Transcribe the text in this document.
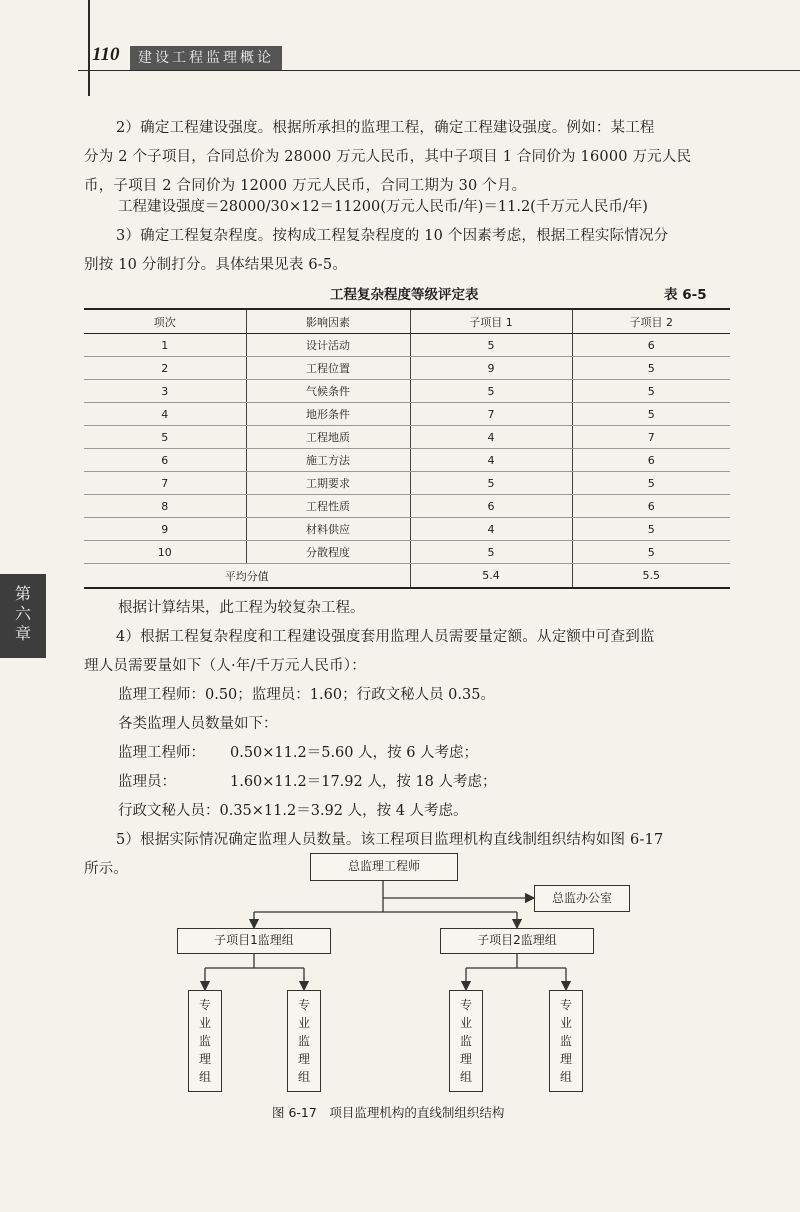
110	建设工程监理概论
2）确定工程建设强度。根据所承担的监理工程，确定工程建设强度。例如：某工程
分为 2 个子项目，合同总价为 28000 万元人民币，其中子项目 1 合同价为 16000 万元人民
币，子项目 2 合同价为 12000 万元人民币，合同工期为 30 个月。
工程建设强度＝28000/30×12＝11200(万元人民币/年)＝11.2(千万元人民币/年)
3）确定工程复杂程度。按构成工程复杂程度的 10 个因素考虑，根据工程实际情况分
别按 10 分制打分。具体结果见表 6-5。
工程复杂程度等级评定表	表 6-5
项次	影响因素	子项目 1	子项目 2
1	设计活动	5	6
2	工程位置	9	5
3	气候条件	5	5
4	地形条件	7	5
5	工程地质	4	7
6	施工方法	4	6
7	工期要求	5	5
8	工程性质	6	6
9	材料供应	4	5
10	分散程度	5	5
平均分值		5.4	5.5
第
六
章
根据计算结果，此工程为较复杂工程。
4）根据工程复杂程度和工程建设强度套用监理人员需要量定额。从定额中可查到监
理人员需要量如下（人·年/千万元人民币）：
监理工程师：0.50；监理员：1.60；行政文秘人员 0.35。
各类监理人员数量如下：
监理工程师： 0.50×11.2＝5.60 人，按 6 人考虑；
监理员：	1.60×11.2＝17.92 人，按 18 人考虑；
行政文秘人员：0.35×11.2＝3.92 人，按 4 人考虑。
5）根据实际情况确定监理人员数量。该工程项目监理机构直线制组织结构如图 6-17
所示。	总监理工程师
总监办公室
子项目1监理组	子项目2监理组
专
业
监
理
组
专
业
监
理
组
专
业
监
理
组
专
业
监
理
组
图 6-17　项目监理机构的直线制组织结构
